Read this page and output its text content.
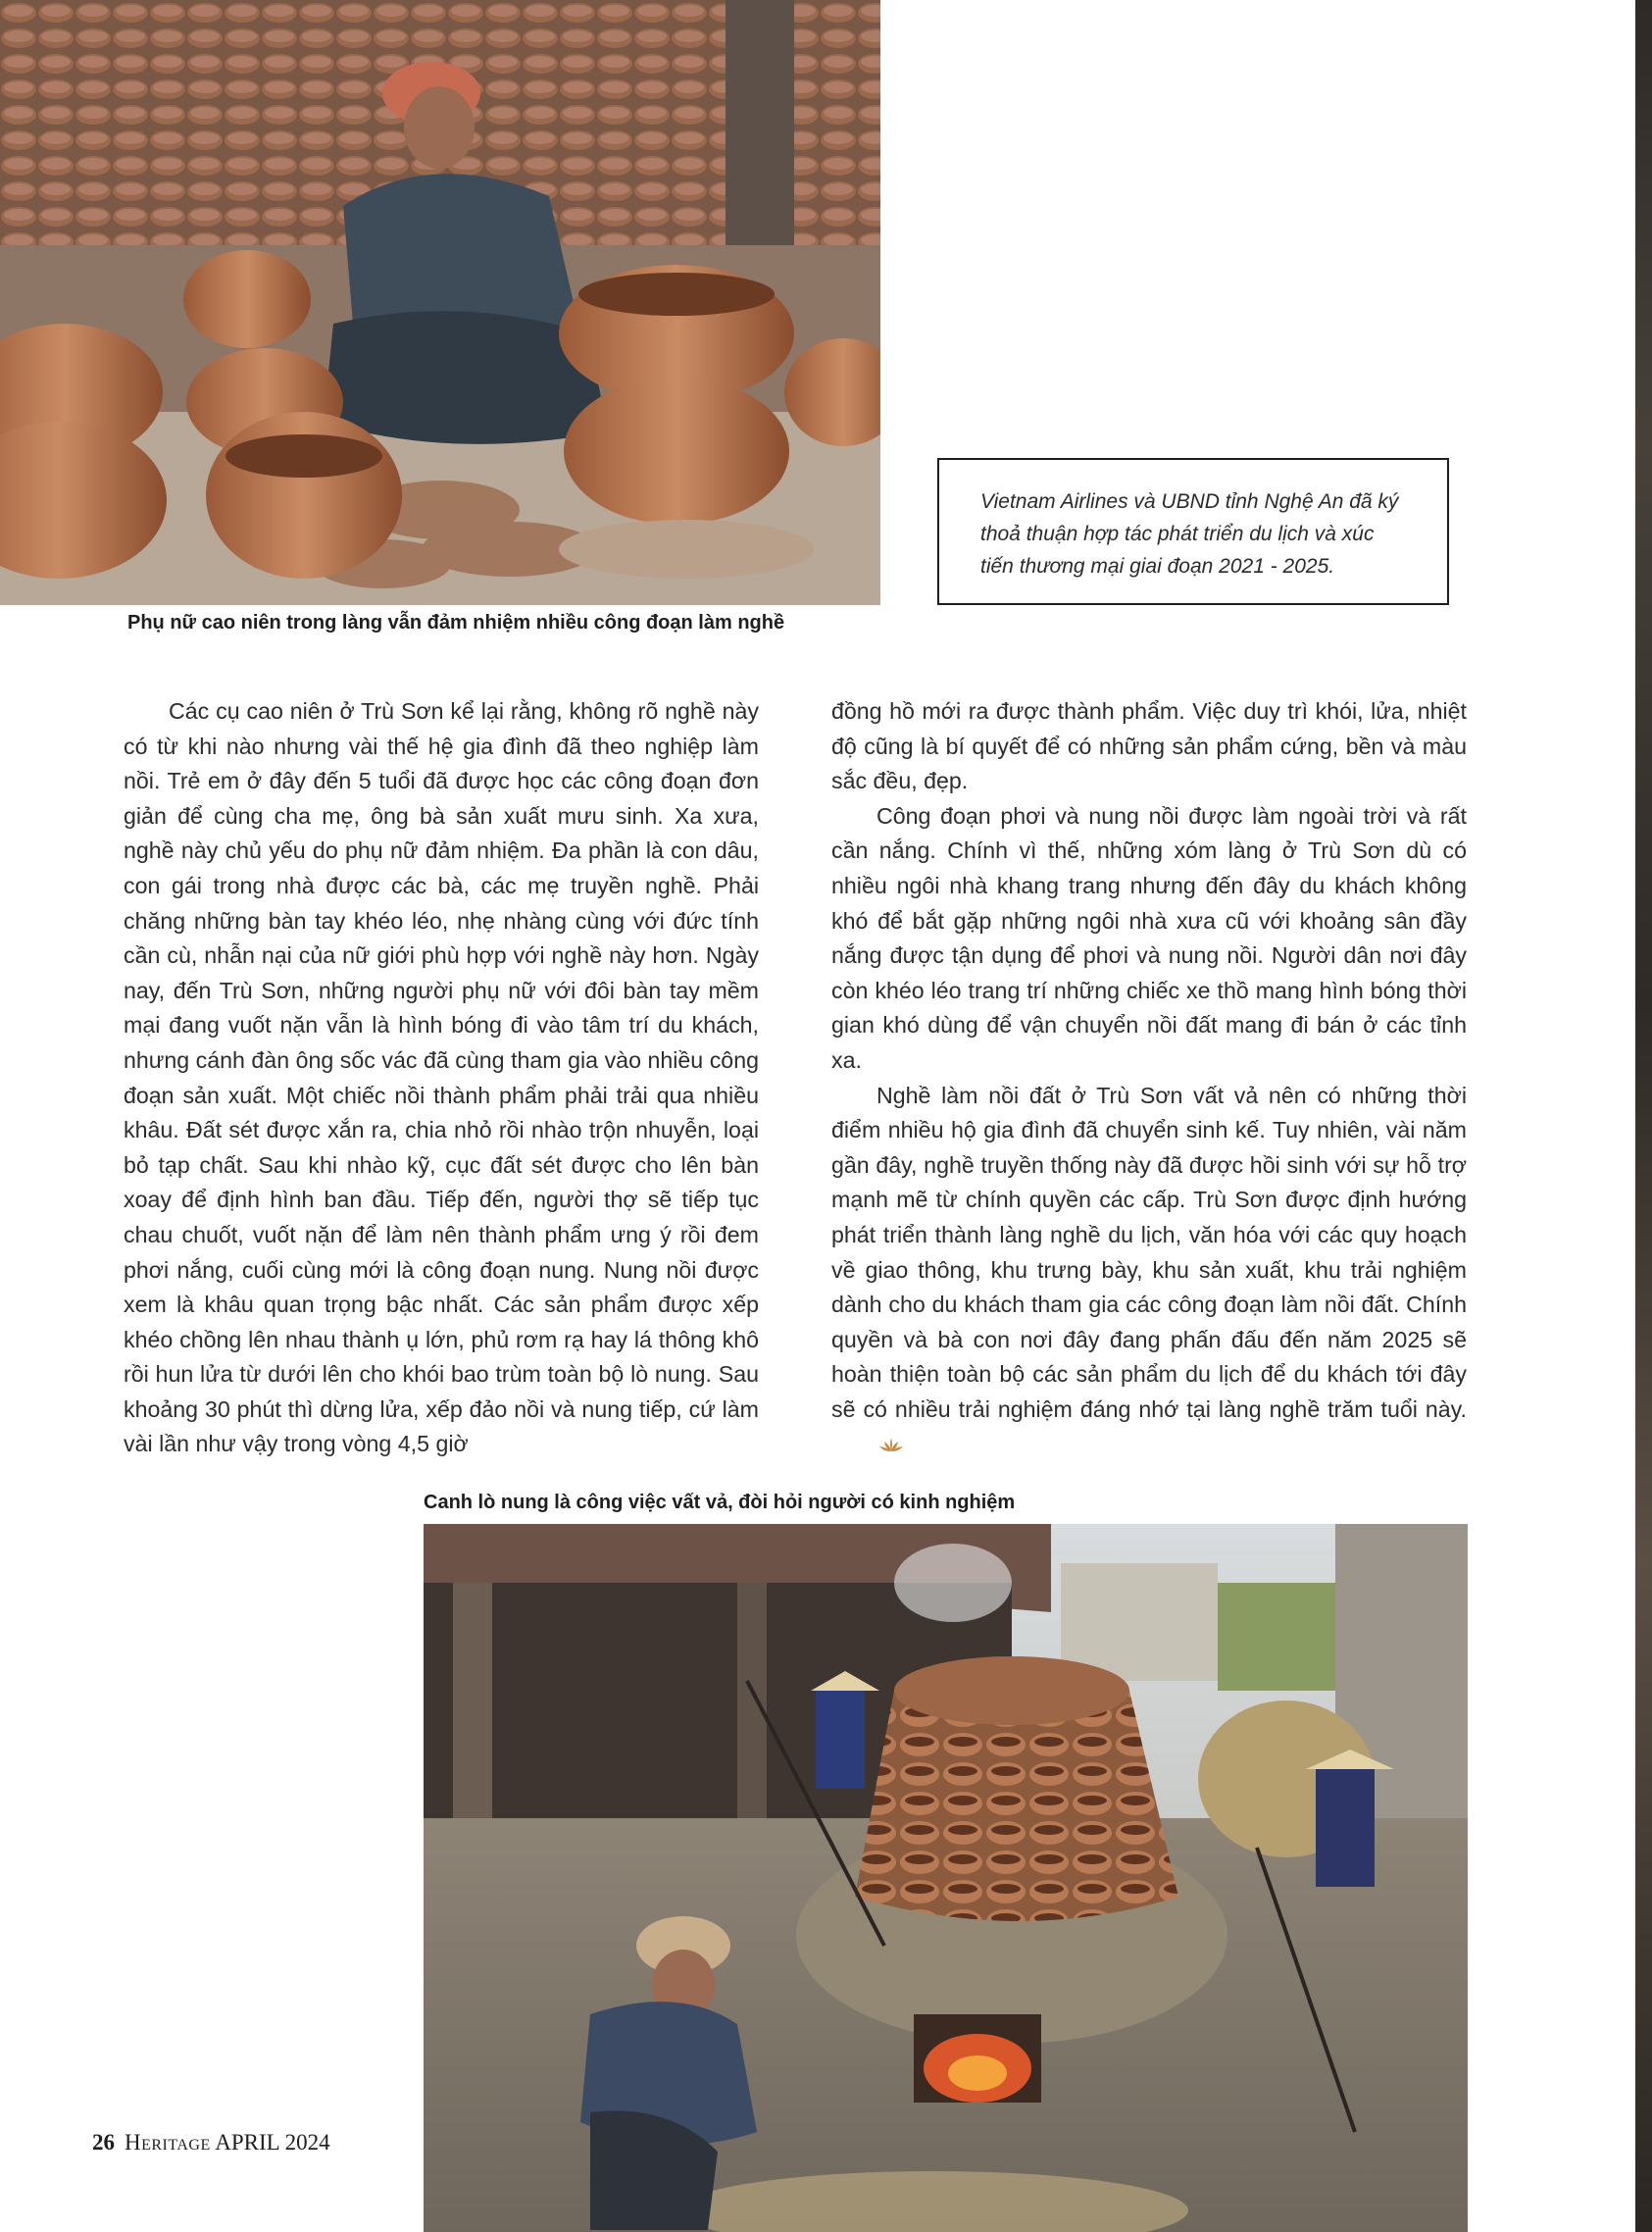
Phụ nữ cao niên trong làng vẫn đảm nhiệm nhiều công đoạn làm nghề

Vietnam Airlines và UBND tỉnh Nghệ An đã ký thoả thuận hợp tác phát triển du lịch và xúc tiến thương mại giai đoạn 2021 - 2025.

Các cụ cao niên ở Trù Sơn kể lại rằng, không rõ nghề này có từ khi nào nhưng vài thế hệ gia đình đã theo nghiệp làm nồi. Trẻ em ở đây đến 5 tuổi đã được học các công đoạn đơn giản để cùng cha mẹ, ông bà sản xuất mưu sinh. Xa xưa, nghề này chủ yếu do phụ nữ đảm nhiệm. Đa phần là con dâu, con gái trong nhà được các bà, các mẹ truyền nghề. Phải chăng những bàn tay khéo léo, nhẹ nhàng cùng với đức tính cần cù, nhẫn nại của nữ giới phù hợp với nghề này hơn. Ngày nay, đến Trù Sơn, những người phụ nữ với đôi bàn tay mềm mại đang vuốt nặn vẫn là hình bóng đi vào tâm trí du khách, nhưng cánh đàn ông sốc vác đã cùng tham gia vào nhiều công đoạn sản xuất. Một chiếc nồi thành phẩm phải trải qua nhiều khâu. Đất sét được xắn ra, chia nhỏ rồi nhào trộn nhuyễn, loại bỏ tạp chất. Sau khi nhào kỹ, cục đất sét được cho lên bàn xoay để định hình ban đầu. Tiếp đến, người thợ sẽ tiếp tục chau chuốt, vuốt nặn để làm nên thành phẩm ưng ý rồi đem phơi nắng, cuối cùng mới là công đoạn nung. Nung nồi được xem là khâu quan trọng bậc nhất. Các sản phẩm được xếp khéo chồng lên nhau thành ụ lớn, phủ rơm rạ hay lá thông khô rồi hun lửa từ dưới lên cho khói bao trùm toàn bộ lò nung. Sau khoảng 30 phút thì dừng lửa, xếp đảo nồi và nung tiếp, cứ làm vài lần như vậy trong vòng 4,5 giờ

đồng hồ mới ra được thành phẩm. Việc duy trì khói, lửa, nhiệt độ cũng là bí quyết để có những sản phẩm cứng, bền và màu sắc đều, đẹp.

Công đoạn phơi và nung nồi được làm ngoài trời và rất cần nắng. Chính vì thế, những xóm làng ở Trù Sơn dù có nhiều ngôi nhà khang trang nhưng đến đây du khách không khó để bắt gặp những ngôi nhà xưa cũ với khoảng sân đầy nắng được tận dụng để phơi và nung nồi. Người dân nơi đây còn khéo léo trang trí những chiếc xe thồ mang hình bóng thời gian khó dùng để vận chuyển nồi đất mang đi bán ở các tỉnh xa.

Nghề làm nồi đất ở Trù Sơn vất vả nên có những thời điểm nhiều hộ gia đình đã chuyển sinh kế. Tuy nhiên, vài năm gần đây, nghề truyền thống này đã được hồi sinh với sự hỗ trợ mạnh mẽ từ chính quyền các cấp. Trù Sơn được định hướng phát triển thành làng nghề du lịch, văn hóa với các quy hoạch về giao thông, khu trưng bày, khu sản xuất, khu trải nghiệm dành cho du khách tham gia các công đoạn làm nồi đất. Chính quyền và bà con nơi đây đang phấn đấu đến năm 2025 sẽ hoàn thiện toàn bộ các sản phẩm du lịch để du khách tới đây sẽ có nhiều trải nghiệm đáng nhớ tại làng nghề trăm tuổi này.

Canh lò nung là công việc vất vả, đòi hỏi người có kinh nghiệm
26 Heritage APRIL 2024
